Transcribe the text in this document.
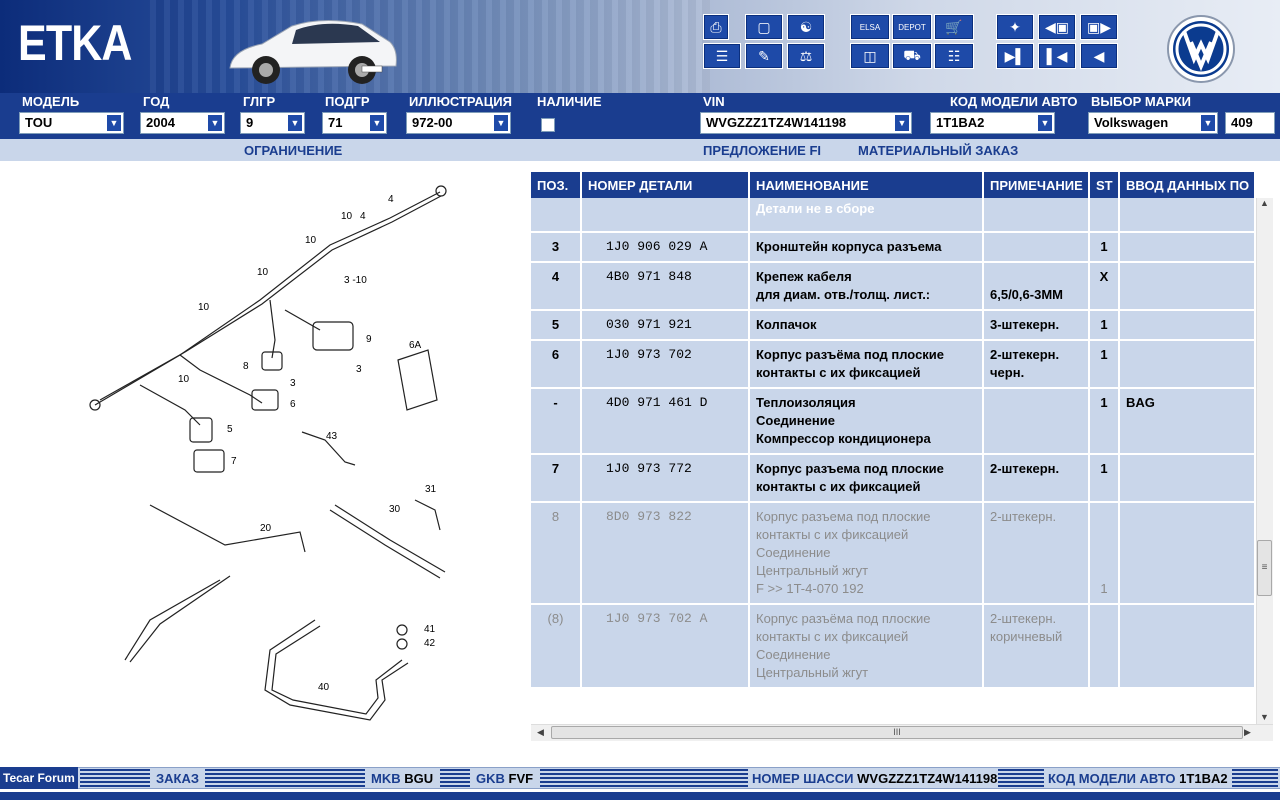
ETKA	⎙	▢	☯
☰	✎	⚖
ELSA	DEPOT	🛒
◫	⛟	☷
✦	◀▣	▣▶
▶▌	▌◀	◀
МОДЕЛЬ	ГОД	ГЛГР	ПОДГР	ИЛЛЮСТРАЦИЯ НАЛИЧИЕ	VIN	КОД МОДЕЛИ АВТО ВЫБОР МАРКИ
TOU	▼	2004	▼	9	▼	71	▼	972-00	▼	WVGZZZ1TZ4W141198	▼	1T1BA2	▼	Volkswagen	▼	409
ОГРАНИЧЕНИЕ	ПРЕДЛОЖЕНИЕ FI	МАТЕРИАЛЬНЫЙ ЗАКАЗ
4
10 4
10
10
3 -10
9
8
3
3
6A
10
10
6
5
43
7
31
20
30
41
42
40
ПОЗ.	НОМЕР ДЕТАЛИ	НАИМЕНОВАНИЕ	ПРИМЕЧАНИЕ	ST	ВВОД ДАННЫХ ПО
		Детали не в сборе			
3	1J0 906 029 A	Кронштейн корпуса разъема		1	
4	4B0 971 848	Крепеж кабеля
для диам. отв./толщ. лист.:	
6,5/0,6-3MM	X	
5	030 971 921	Колпачок	3-штекерн.	1	
6	1J0 973 702	Корпус разъёма под плоские
контакты с их фиксацией	2-штекерн.
черн.	1	
-	4D0 971 461 D	Теплоизоляция
Соединение
Компрессор кондиционера		1	BAG
7	1J0 973 772	Корпус разъема под плоские
контакты с их фиксацией	2-штекерн.	1	
8	8D0 973 822	Корпус разъема под плоские
контакты с их фиксацией
Соединение
Центральный жгут
F >> 1T-4-070 192	2-штекерн.	

1	
(8)	1J0 973 702 A	Корпус разъёма под плоские
контакты с их фиксацией
Соединение
Центральный жгут	2-штекерн.
коричневый		
▲
▼
≡
◀	III	▶
Tecar Forum	ЗАКАЗ	MKB BGU	GKB FVF	НОМЕР ШАССИ WVGZZZ1TZ4W141198	КОД МОДЕЛИ АВТО 1T1BA2
